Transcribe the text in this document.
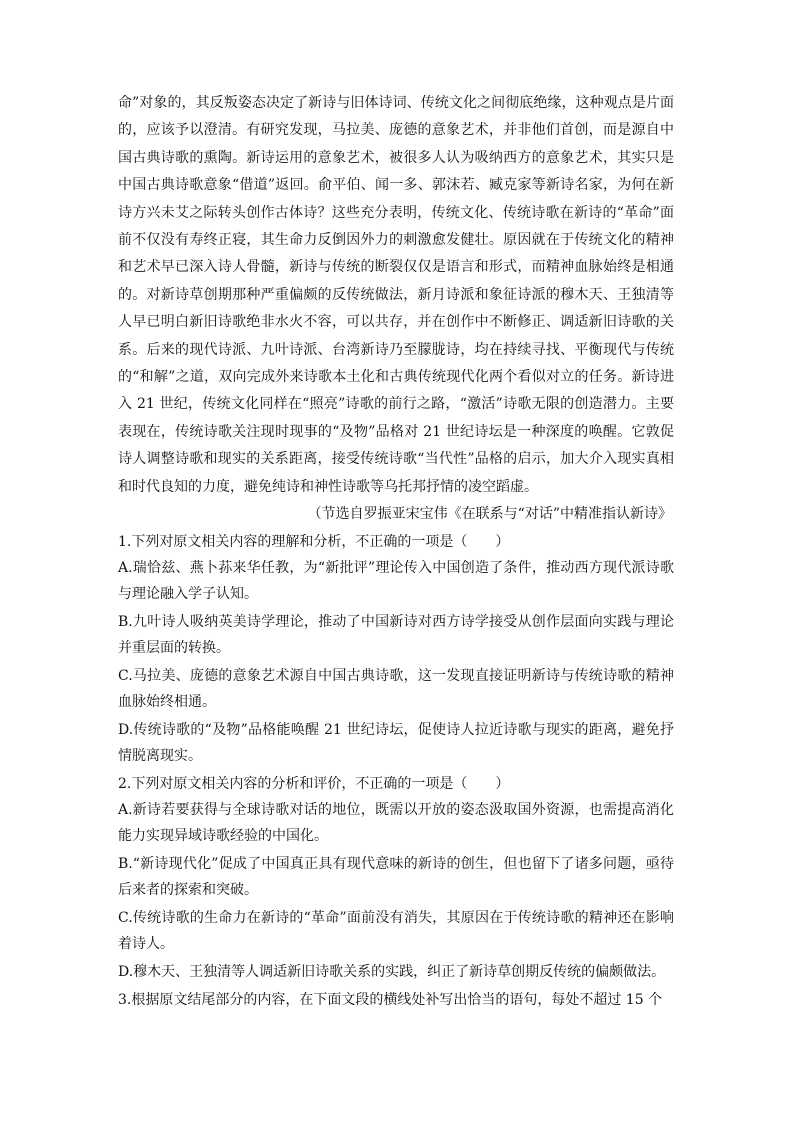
命”对象的，其反叛姿态决定了新诗与旧体诗词、传统文化之间彻底绝缘，这种观点是片面的，应该予以澄清。有研究发现，马拉美、庞德的意象艺术，并非他们首创，而是源自中国古典诗歌的熏陶。新诗运用的意象艺术，被很多人认为吸纳西方的意象艺术，其实只是中国古典诗歌意象“借道”返回。俞平伯、闻一多、郭沫若、臧克家等新诗名家，为何在新诗方兴未艾之际转头创作古体诗？这些充分表明，传统文化、传统诗歌在新诗的“革命”面前不仅没有寿终正寝，其生命力反倒因外力的刺激愈发健壮。原因就在于传统文化的精神和艺术早已深入诗人骨髓，新诗与传统的断裂仅仅是语言和形式，而精神血脉始终是相通的。对新诗草创期那种严重偏颇的反传统做法，新月诗派和象征诗派的穆木天、王独清等人早已明白新旧诗歌绝非水火不容，可以共存，并在创作中不断修正、调适新旧诗歌的关系。后来的现代诗派、九叶诗派、台湾新诗乃至朦胧诗，均在持续寻找、平衡现代与传统的“和解”之道，双向完成外来诗歌本土化和古典传统现代化两个看似对立的任务。新诗进入 21 世纪，传统文化同样在“照亮”诗歌的前行之路，“激活”诗歌无限的创造潜力。主要表现在，传统诗歌关注现时现事的“及物”品格对 21 世纪诗坛是一种深度的唤醒。它敦促诗人调整诗歌和现实的关系距离，接受传统诗歌“当代性”品格的启示，加大介入现实真相和时代良知的力度，避免纯诗和神性诗歌等乌托邦抒情的凌空蹈虚。

（节选自罗振亚宋宝伟《在联系与“对话”中精准指认新诗》

1.下列对原文相关内容的理解和分析，不正确的一项是（　　）

A.瑞恰兹、燕卜荪来华任教，为“新批评”理论传入中国创造了条件，推动西方现代派诗歌与理论融入学子认知。

B.九叶诗人吸纳英美诗学理论，推动了中国新诗对西方诗学接受从创作层面向实践与理论并重层面的转换。

C.马拉美、庞德的意象艺术源自中国古典诗歌，这一发现直接证明新诗与传统诗歌的精神血脉始终相通。

D.传统诗歌的“及物”品格能唤醒 21 世纪诗坛，促使诗人拉近诗歌与现实的距离，避免抒情脱离现实。

2.下列对原文相关内容的分析和评价，不正确的一项是（　　）

A.新诗若要获得与全球诗歌对话的地位，既需以开放的姿态汲取国外资源，也需提高消化能力实现异域诗歌经验的中国化。

B.“新诗现代化”促成了中国真正具有现代意味的新诗的创生，但也留下了诸多问题，亟待后来者的探索和突破。

C.传统诗歌的生命力在新诗的“革命”面前没有消失，其原因在于传统诗歌的精神还在影响着诗人。

D.穆木天、王独清等人调适新旧诗歌关系的实践，纠正了新诗草创期反传统的偏颇做法。

3.根据原文结尾部分的内容，在下面文段的横线处补写出恰当的语句，每处不超过 15 个
